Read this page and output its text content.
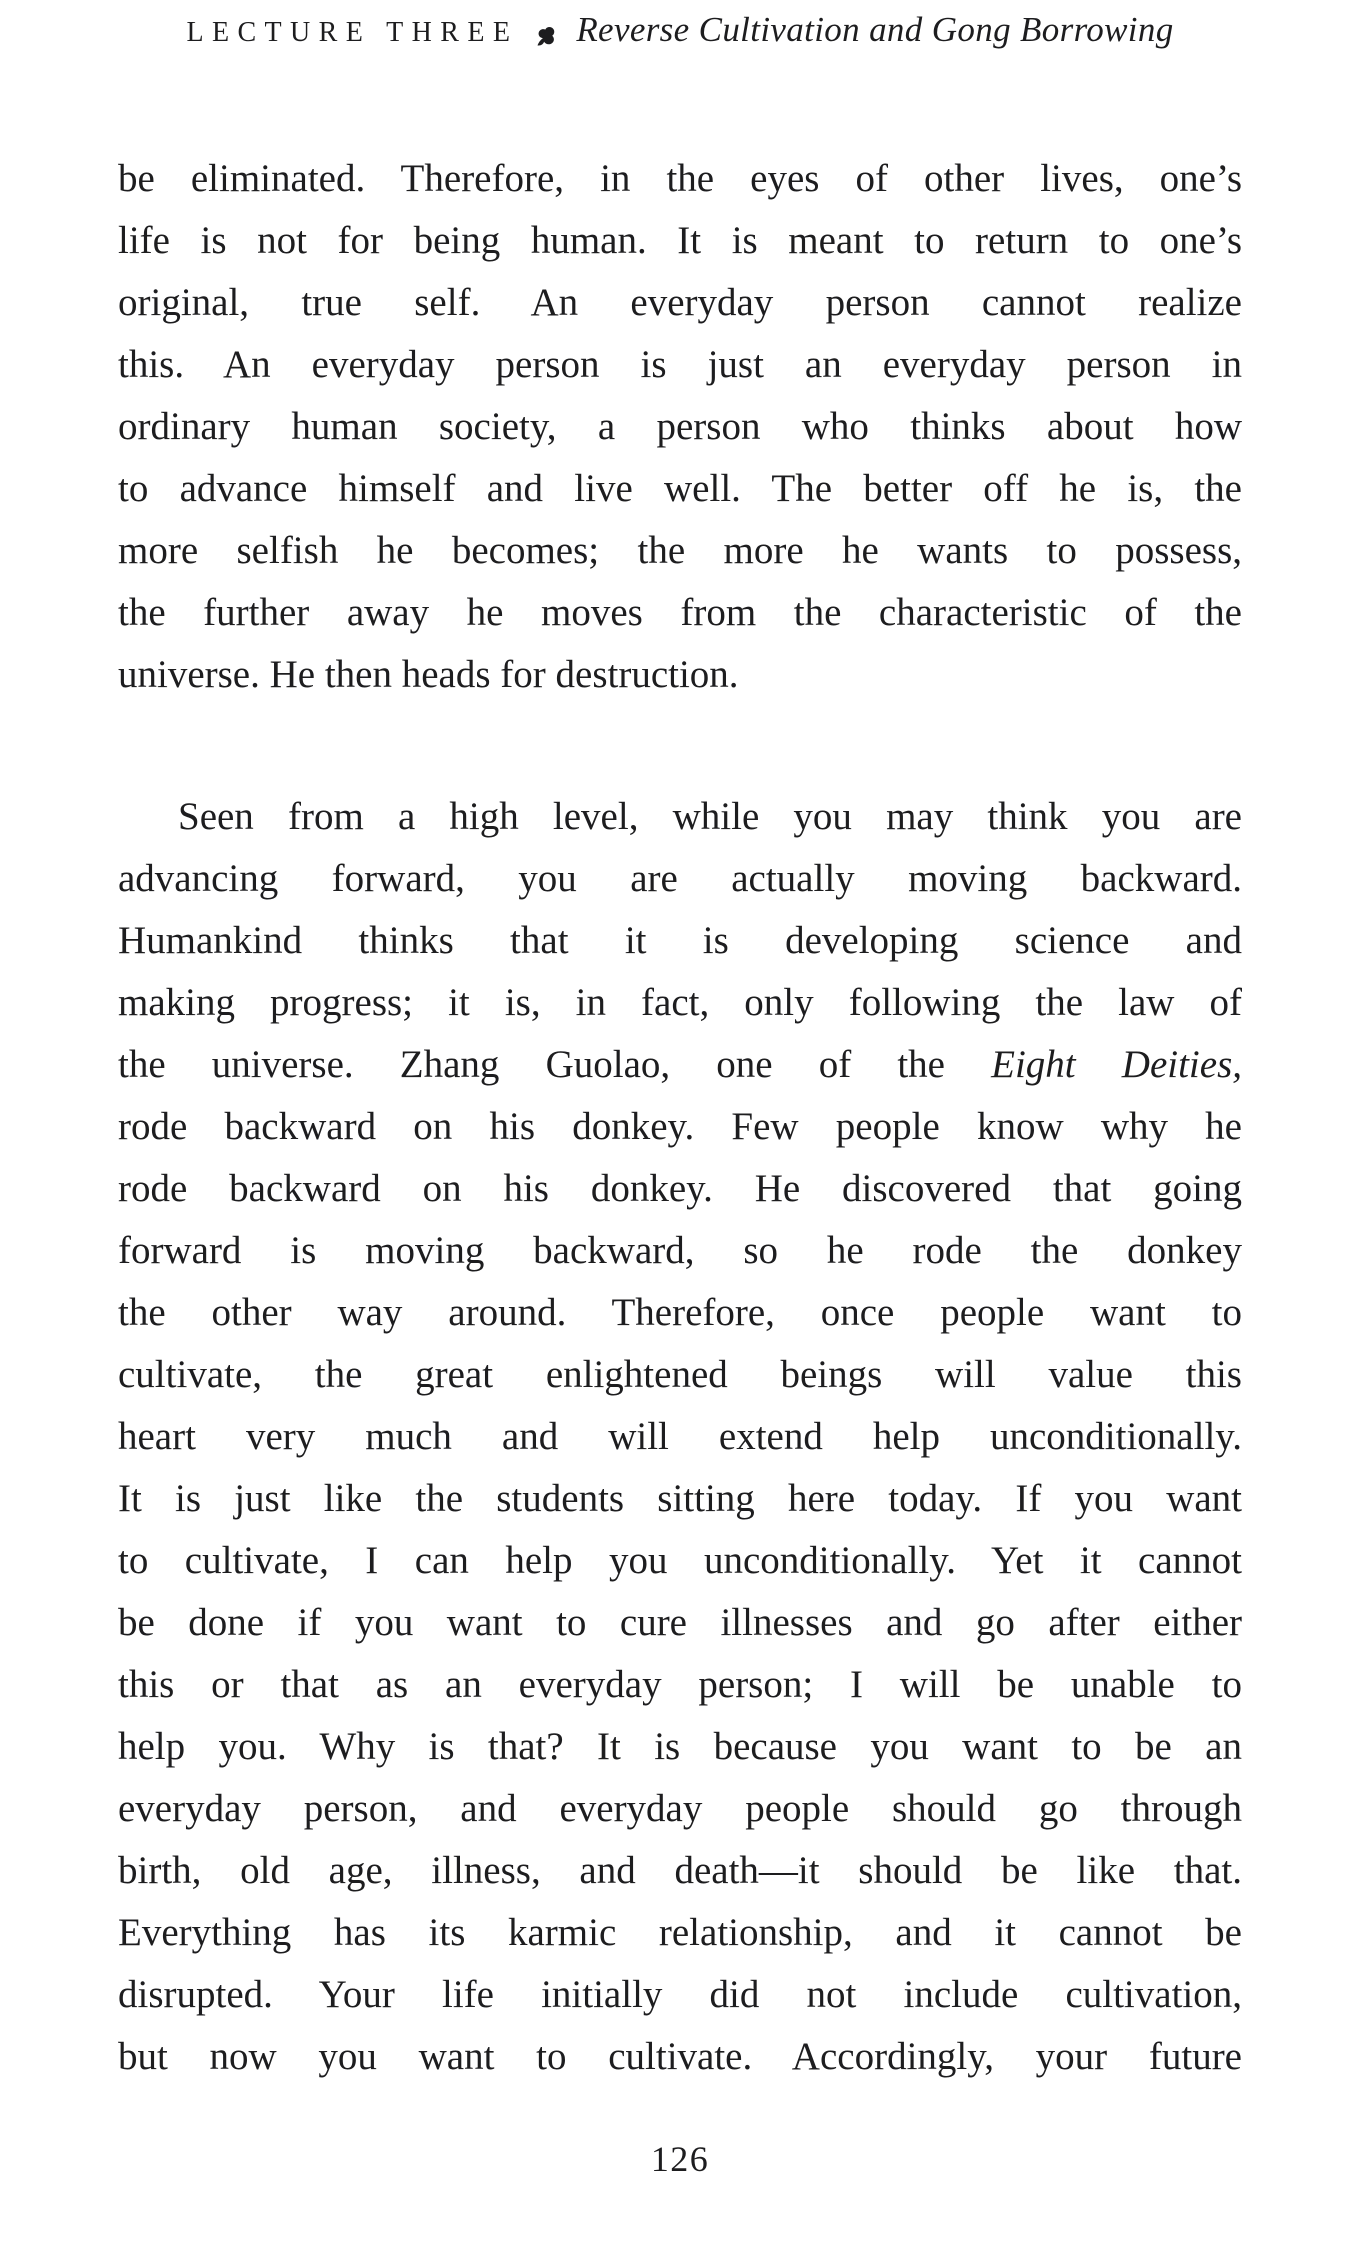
LECTURE THREE Reverse Cultivation and Gong Borrowing
be eliminated. Therefore, in the eyes of other lives, one’s
life is not for being human. It is meant to return to one’s
original, true self. An everyday person cannot realize
this. An everyday person is just an everyday person in
ordinary human society, a person who thinks about how
to advance himself and live well. The better off he is, the
more selfish he becomes; the more he wants to possess,
the further away he moves from the characteristic of the
universe. He then heads for destruction.
Seen from a high level, while you may think you are
advancing forward, you are actually moving backward.
Humankind thinks that it is developing science and
making progress; it is, in fact, only following the law of
the universe. Zhang Guolao, one of the Eight Deities,
rode backward on his donkey. Few people know why he
rode backward on his donkey. He discovered that going
forward is moving backward, so he rode the donkey
the other way around. Therefore, once people want to
cultivate, the great enlightened beings will value this
heart very much and will extend help unconditionally.
It is just like the students sitting here today. If you want
to cultivate, I can help you unconditionally. Yet it cannot
be done if you want to cure illnesses and go after either
this or that as an everyday person; I will be unable to
help you. Why is that? It is because you want to be an
everyday person, and everyday people should go through
birth, old age, illness, and death—it should be like that.
Everything has its karmic relationship, and it cannot be
disrupted. Your life initially did not include cultivation,
but now you want to cultivate. Accordingly, your future
126
